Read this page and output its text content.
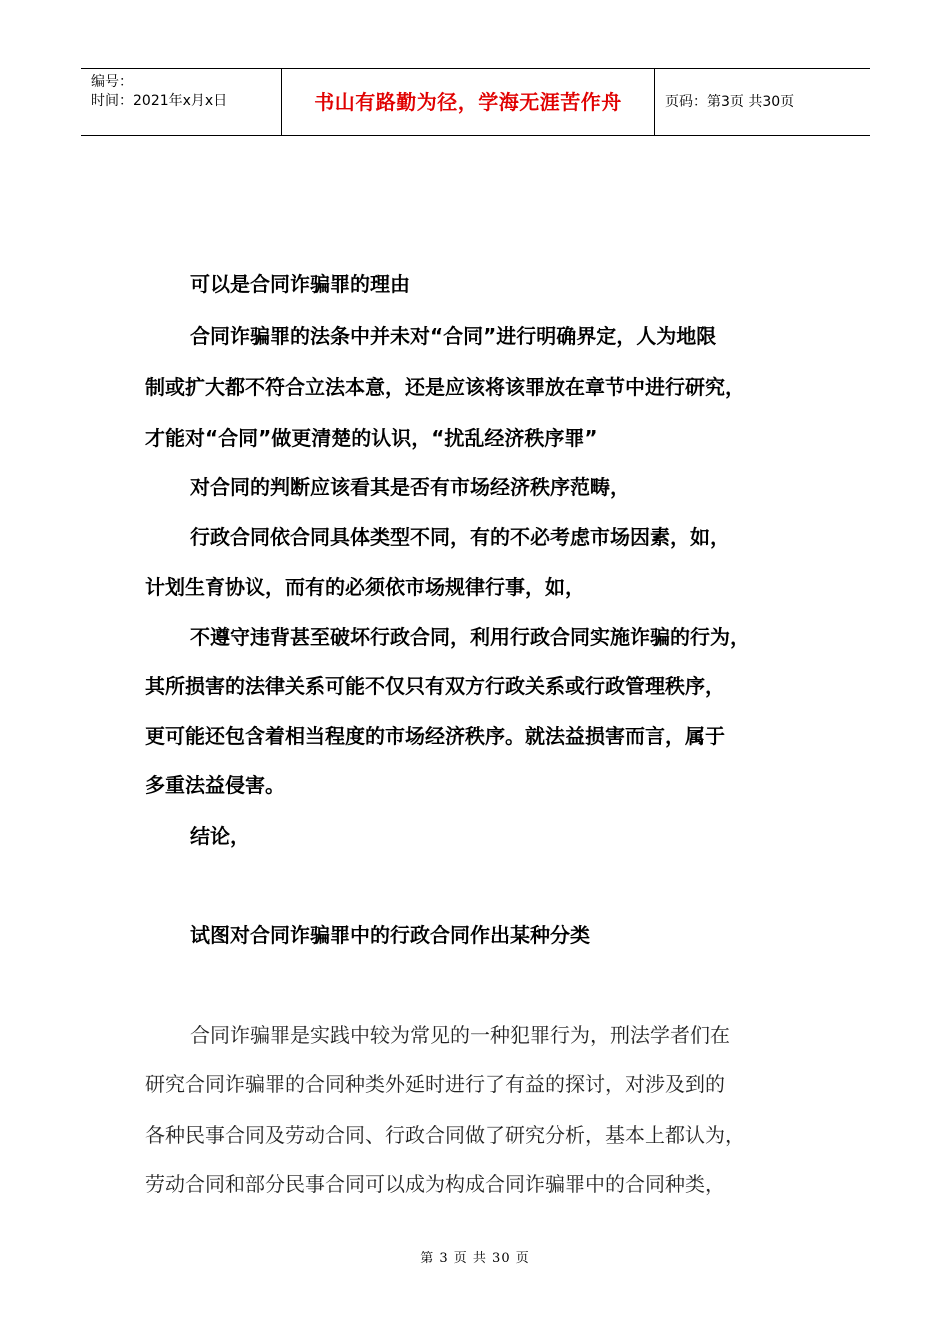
编号：
时间：2021年x月x日	书山有路勤为径，学海无涯苦作舟	页码：第3页 共30页
可以是合同诈骗罪的理由
合同诈骗罪的法条中并未对“合同”进行明确界定，人为地限
制或扩大都不符合立法本意，还是应该将该罪放在章节中进行研究，
才能对“合同”做更清楚的认识，“扰乱经济秩序罪”
对合同的判断应该看其是否有市场经济秩序范畴，
行政合同依合同具体类型不同，有的不必考虑市场因素，如，
计划生育协议，而有的必须依市场规律行事，如，
不遵守违背甚至破坏行政合同，利用行政合同实施诈骗的行为，
其所损害的法律关系可能不仅只有双方行政关系或行政管理秩序，
更可能还包含着相当程度的市场经济秩序。就法益损害而言，属于
多重法益侵害。
结论，
试图对合同诈骗罪中的行政合同作出某种分类
合同诈骗罪是实践中较为常见的一种犯罪行为，刑法学者们在
研究合同诈骗罪的合同种类外延时进行了有益的探讨，对涉及到的
各种民事合同及劳动合同、行政合同做了研究分析，基本上都认为，
劳动合同和部分民事合同可以成为构成合同诈骗罪中的合同种类，
第 3 页 共 30 页
